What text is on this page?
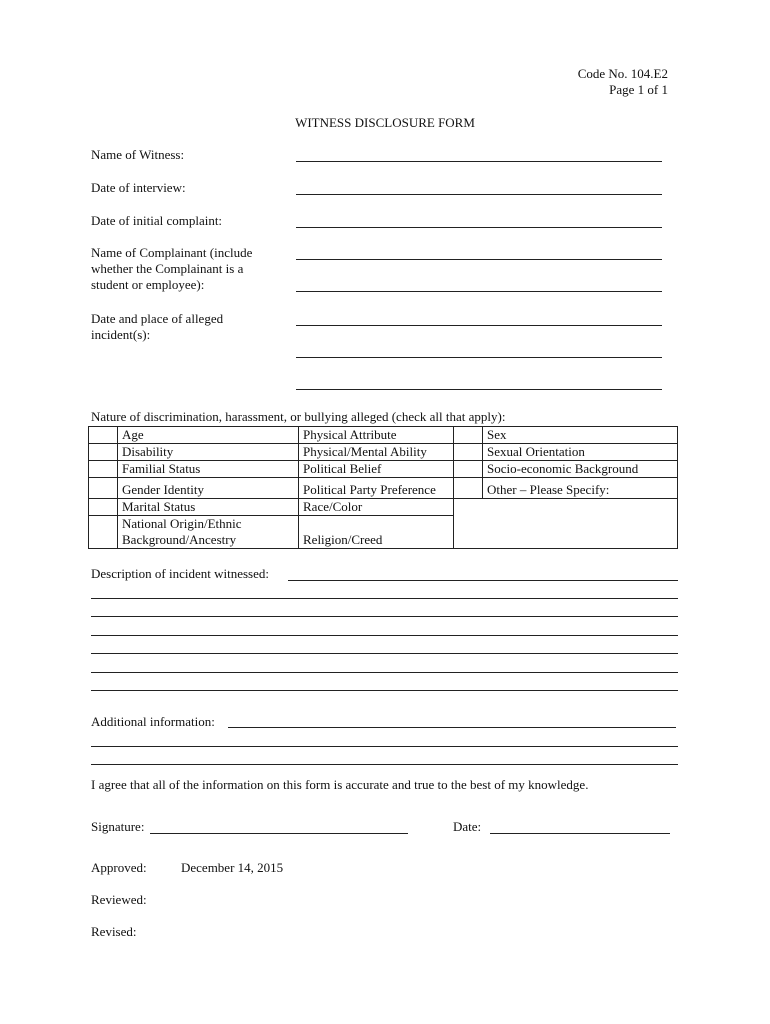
Code No. 104.E2
Page 1 of 1
WITNESS DISCLOSURE FORM
Name of Witness:
Date of interview:
Date of initial complaint:
Name of Complainant (include whether the Complainant is a student or employee):
Date and place of alleged incident(s):
Nature of discrimination, harassment, or bullying alleged (check all that apply):
	Age	Physical Attribute		Sex
	Disability	Physical/Mental Ability		Sexual Orientation
	Familial Status	Political Belief		Socio-economic Background
	Gender Identity	Political Party Preference		Other – Please Specify:
	Marital Status	Race/Color		
	National Origin/Ethnic Background/Ancestry	Religion/Creed		
Description of incident witnessed:
Additional information:
I agree that all of the information on this form is accurate and true to the best of my knowledge.
Signature:	Date:
Approved:	December 14, 2015
Reviewed:
Revised:
